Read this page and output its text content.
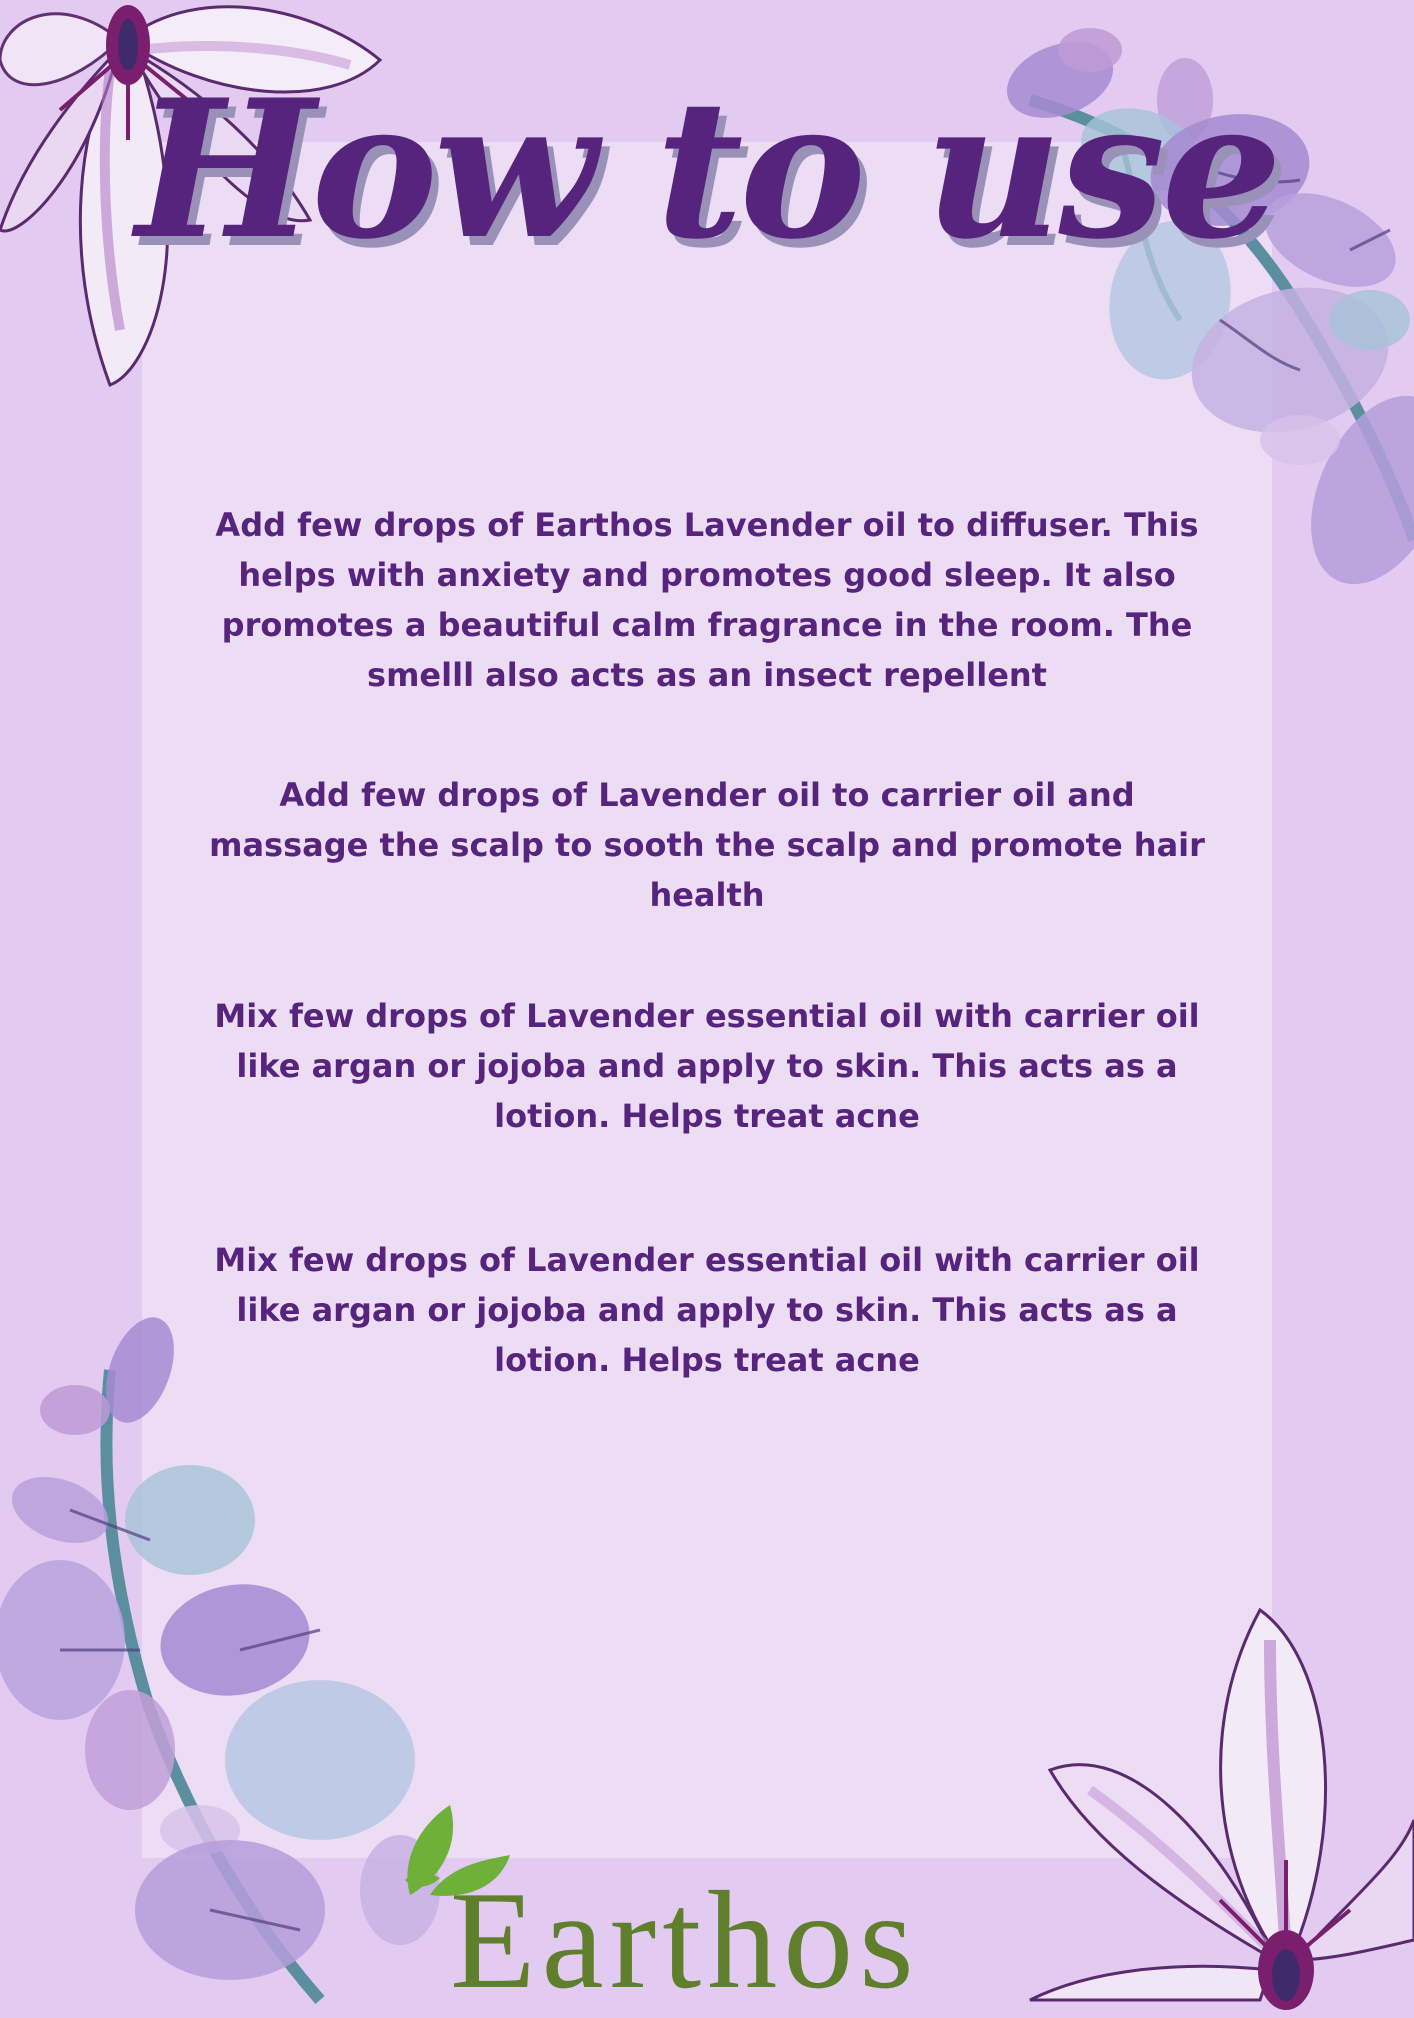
How to use

Add few drops of Earthos Lavender oil to diffuser. This helps with anxiety and promotes good sleep. It also promotes a beautiful calm fragrance in the room. The smelll also acts as an insect repellent

Add few drops of Lavender oil to carrier oil and massage the scalp to sooth the scalp and promote hair health

Mix few drops of Lavender essential oil with carrier oil like argan or jojoba and apply to skin. This acts as a lotion. Helps treat acne

Mix few drops of Lavender essential oil with carrier oil like argan or jojoba and apply to skin. This acts as a lotion. Helps treat acne

Earthos
